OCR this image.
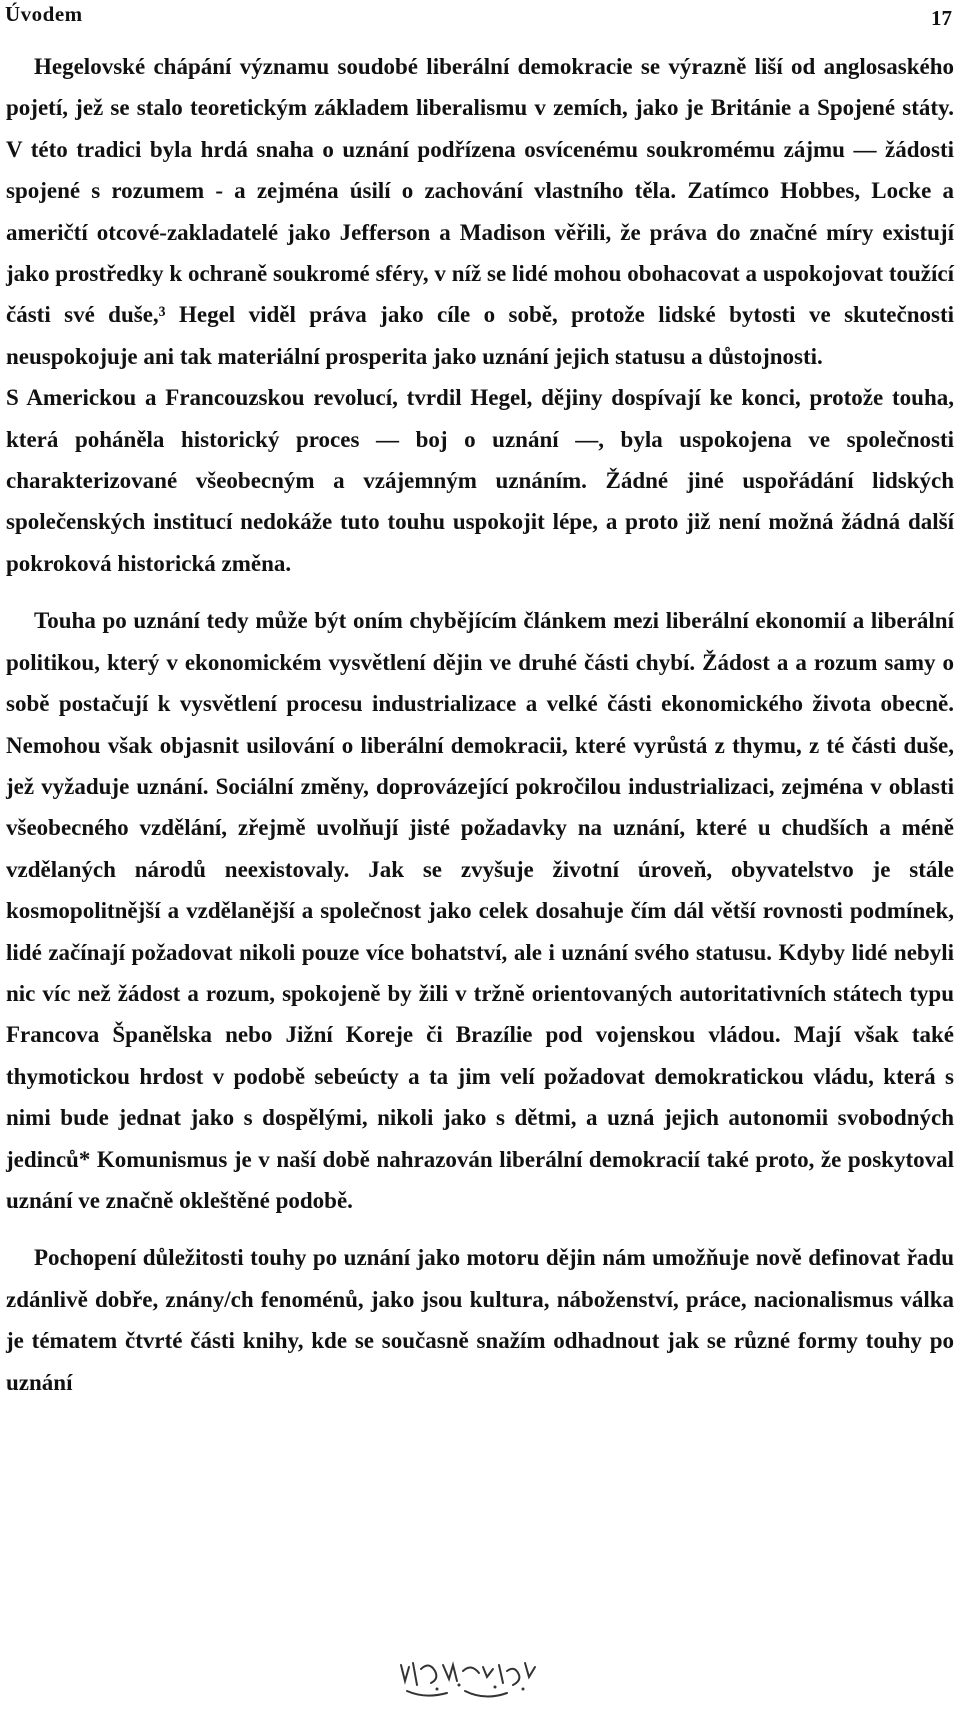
Úvodem	17

Hegelovské chápání významu soudobé liberální demokracie se výrazně liší od anglosaského pojetí, jež se stalo teoretickým základem liberalismu v zemích, jako je Británie a Spojené státy. V této tradici byla hrdá snaha o uznání podřízena osvícenému soukromému zájmu — žádosti spojené s rozumem - a zejména úsilí o zachování vlastního těla. Zatímco Hobbes, Locke a američtí otcové-zakladatelé jako Jefferson a Madison věřili, že práva do značné míry existují jako prostředky k ochraně soukromé sféry, v níž se lidé mohou obohacovat a uspokojovat toužící části své duše,³ Hegel viděl práva jako cíle o sobě, protože lidské bytosti ve skutečnosti neuspokojuje ani tak materiální prosperita jako uznání jejich statusu a důstojnosti.

S Americkou a Francouzskou revolucí, tvrdil Hegel, dějiny dospívají ke konci, protože touha, která poháněla historický proces — boj o uznání —, byla uspokojena ve společnosti charakterizované všeobecným a vzájemným uznáním. Žádné jiné uspořádání lidských společenských institucí nedokáže tuto touhu uspokojit lépe, a proto již není možná žádná další pokroková historická změna.

Touha po uznání tedy může být oním chybějícím článkem mezi liberální ekonomií a liberální politikou, který v ekonomickém vysvětlení dějin ve druhé části chybí. Žádost a a rozum samy o sobě postačují k vysvětlení procesu industrializace a velké části ekonomického života obecně. Nemohou však objasnit usilování o liberální demokracii, které vyrůstá z thymu, z té části duše, jež vyžaduje uznání. Sociální změny, doprovázející pokročilou industrializaci, zejména v oblasti všeobecného vzdělání, zřejmě uvolňují jisté požadavky na uznání, které u chudších a méně vzdělaných národů neexistovaly. Jak se zvyšuje životní úroveň, obyvatelstvo je stále kosmopolitnější a vzdělanější a společnost jako celek dosahuje čím dál větší rovnosti podmínek, lidé začínají požadovat nikoli pouze více bohatství, ale i uznání svého statusu. Kdyby lidé nebyli nic víc než žádost a rozum, spokojeně by žili v tržně orientovaných autoritativních státech typu Francova Španělska nebo Jižní Koreje či Brazílie pod vojenskou vládou. Mají však také thymotickou hrdost v podobě sebeúcty a ta jim velí požadovat demokratickou vládu, která s nimi bude jednat jako s dospělými, nikoli jako s dětmi, a uzná jejich autonomii svobodných jedinců* Komunismus je v naší době nahrazován liberální demokracií také proto, že poskytoval uznání ve značně okleštěné podobě.

Pochopení důležitosti touhy po uznání jako motoru dějin nám umožňuje nově definovat řadu zdánlivě dobře, znány/ch fenoménů, jako jsou kultura, náboženství, práce, nacionalismus válka je tématem čtvrté části knihy, kde se současně snažím odhadnout jak se různé formy touhy po uznání
